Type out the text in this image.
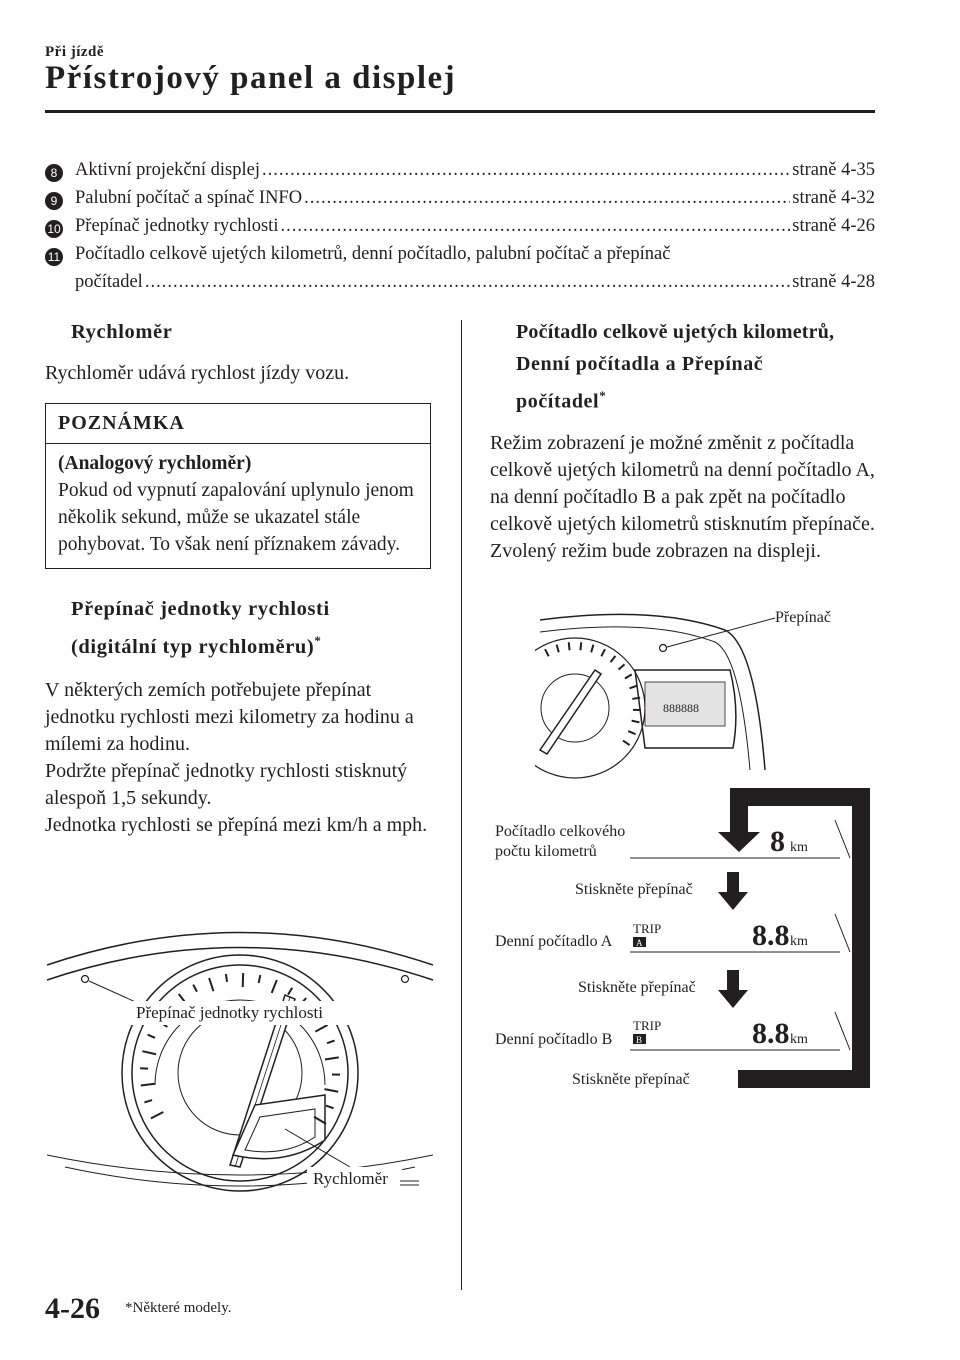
Při jízdě
Přístrojový panel a displej
8 Aktivní projekční displej .....	straně 4-35
9 Palubní počítač a spínač INFO .....	straně 4-32
10 Přepínač jednotky rychlosti .....	straně 4-26
11 Počítadlo celkově ujetých kilometrů, denní počítadlo, palubní počítač a přepínač
počítadel .....	straně 4-28
Rychloměr

Rychloměr udává rychlost jízdy vozu.

POZNÁMKA
(Analogový rychloměr)
Pokud od vypnutí zapalování uplynulo jenom několik sekund, může se ukazatel stále pohybovat. To však není příznakem závady.
Přepínač jednotky rychlosti
(digitální typ rychloměru)*

V některých zemích potřebujete přepínat jednotku rychlosti mezi kilometry za hodinu a mílemi za hodinu.

Podržte přepínač jednotky rychlosti stisknutý alespoň 1,5 sekundy.

Jednotka rychlosti se přepíná mezi km/h a mph.

Přepínač jednotky rychlosti
Rychloměr
Počítadlo celkově ujetých kilometrů,
Denní počítadla a Přepínač
počítadel*

Režim zobrazení je možné změnit z počítadla celkově ujetých kilometrů na denní počítadlo A, na denní počítadlo B a pak zpět na počítadlo celkově ujetých kilometrů stisknutím přepínače. Zvolený režim bude zobrazen na displeji.

888888
Přepínač
Počítadlo celkového
počtu kilometrů	8 km
Stiskněte přepínač
Denní počítadlo A
TRIP
A	8.8 km
Stiskněte přepínač
Denní počítadlo B
TRIP
B	8.8 km
Stiskněte přepínač
4-26 *Některé modely.
